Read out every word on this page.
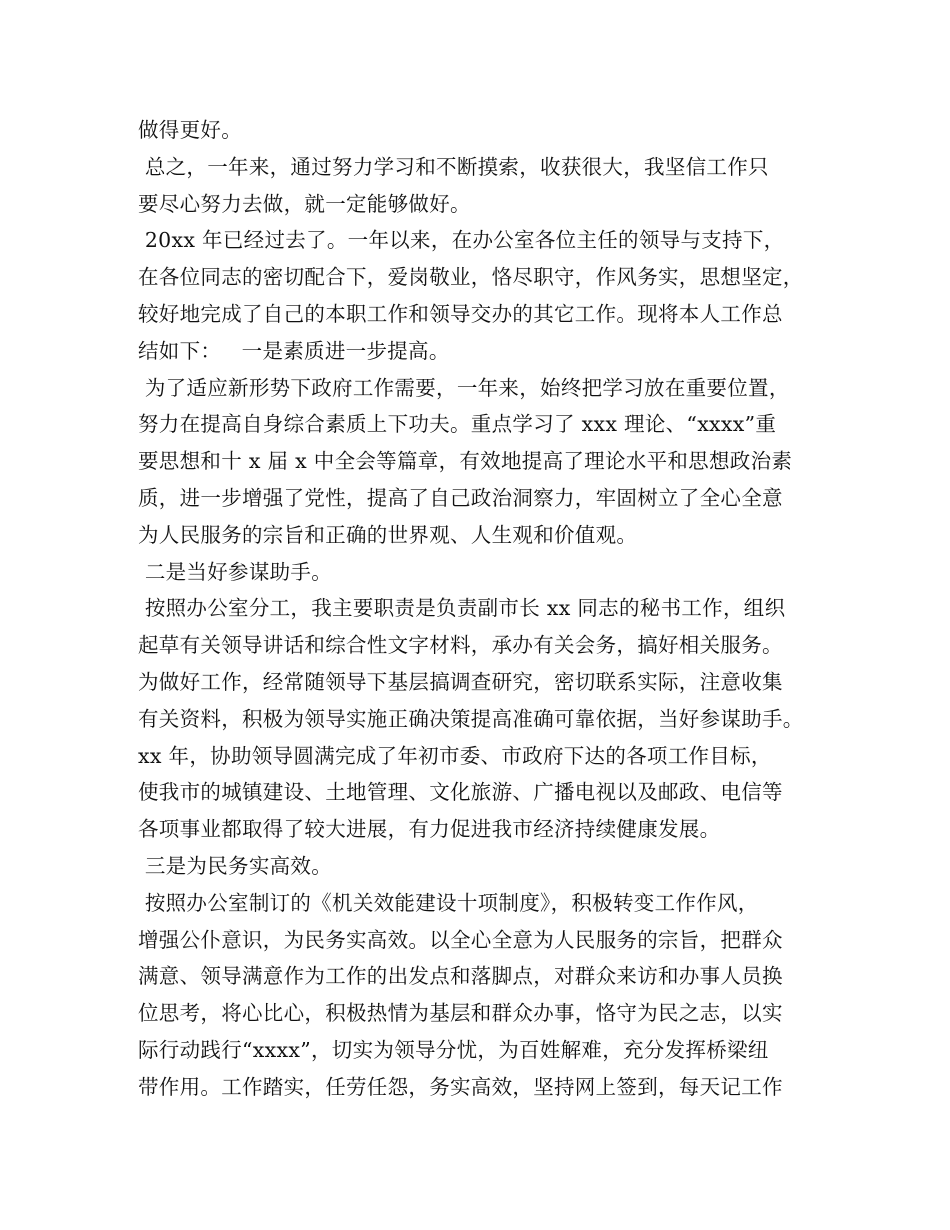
做得更好。
总之，一年来，通过努力学习和不断摸索，收获很大，我坚信工作只
要尽心努力去做，就一定能够做好。
20xx 年已经过去了。一年以来，在办公室各位主任的领导与支持下，
在各位同志的密切配合下，爱岗敬业，恪尽职守，作风务实，思想坚定，
较好地完成了自己的本职工作和领导交办的其它工作。现将本人工作总
结如下：   一是素质进一步提高。
为了适应新形势下政府工作需要，一年来，始终把学习放在重要位置，
努力在提高自身综合素质上下功夫。重点学习了 xxx 理论、“xxxx”重
要思想和十 x 届 x 中全会等篇章，有效地提高了理论水平和思想政治素
质，进一步增强了党性，提高了自己政治洞察力，牢固树立了全心全意
为人民服务的宗旨和正确的世界观、人生观和价值观。
二是当好参谋助手。
按照办公室分工，我主要职责是负责副市长 xx 同志的秘书工作，组织
起草有关领导讲话和综合性文字材料，承办有关会务，搞好相关服务。
为做好工作，经常随领导下基层搞调查研究，密切联系实际，注意收集
有关资料，积极为领导实施正确决策提高准确可靠依据，当好参谋助手。
xx 年，协助领导圆满完成了年初市委、市政府下达的各项工作目标，
使我市的城镇建设、土地管理、文化旅游、广播电视以及邮政、电信等
各项事业都取得了较大进展，有力促进我市经济持续健康发展。
三是为民务实高效。
按照办公室制订的《机关效能建设十项制度》，积极转变工作作风，
增强公仆意识，为民务实高效。以全心全意为人民服务的宗旨，把群众
满意、领导满意作为工作的出发点和落脚点，对群众来访和办事人员换
位思考，将心比心，积极热情为基层和群众办事，恪守为民之志，以实
际行动践行“xxxx”，切实为领导分忧，为百姓解难，充分发挥桥梁纽
带作用。工作踏实，任劳任怨，务实高效，坚持网上签到，每天记工作
